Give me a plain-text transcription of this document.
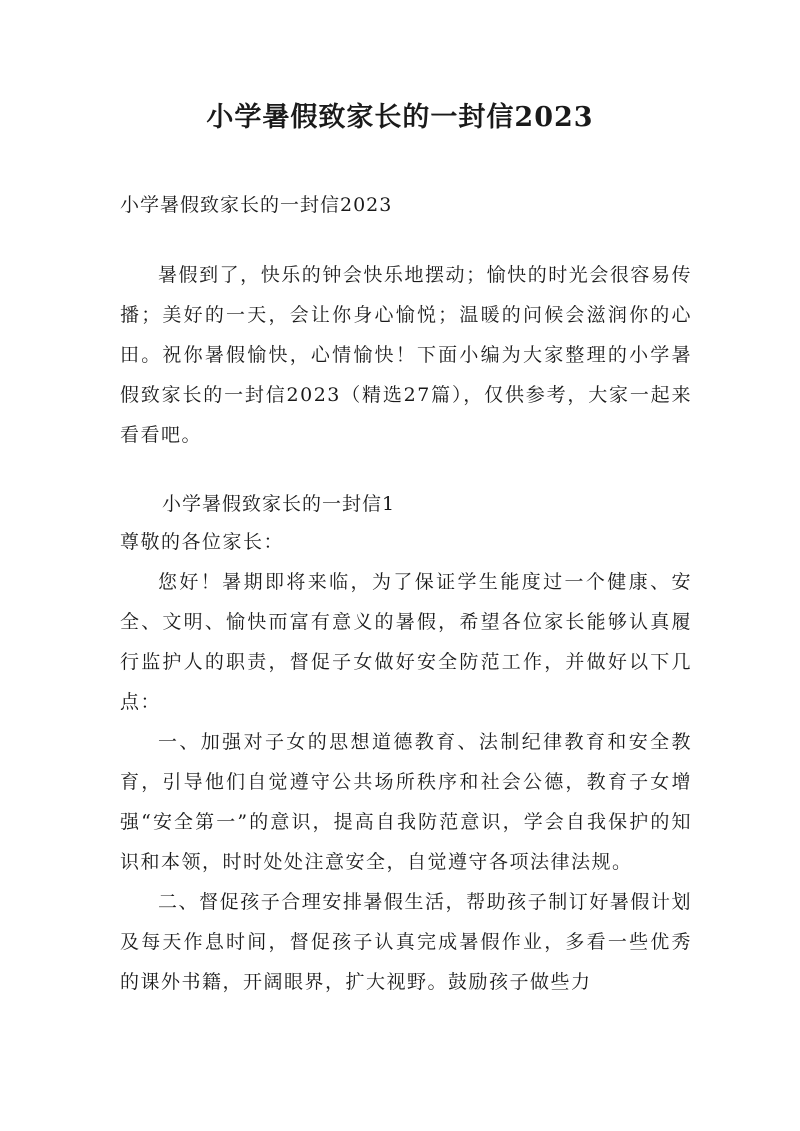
小学暑假致家长的一封信2023
小学暑假致家长的一封信2023

暑假到了，快乐的钟会快乐地摆动；愉快的时光会很容易传播；美好的一天，会让你身心愉悦；温暖的问候会滋润你的心田。祝你暑假愉快，心情愉快！下面小编为大家整理的小学暑假致家长的一封信2023（精选27篇），仅供参考，大家一起来看看吧。

小学暑假致家长的一封信1
尊敬的各位家长：

您好！暑期即将来临，为了保证学生能度过一个健康、安全、文明、愉快而富有意义的暑假，希望各位家长能够认真履行监护人的职责，督促子女做好安全防范工作，并做好以下几点：

一、加强对子女的思想道德教育、法制纪律教育和安全教育，引导他们自觉遵守公共场所秩序和社会公德，教育子女增强“安全第一”的意识，提高自我防范意识，学会自我保护的知识和本领，时时处处注意安全，自觉遵守各项法律法规。

二、督促孩子合理安排暑假生活，帮助孩子制订好暑假计划及每天作息时间，督促孩子认真完成暑假作业，多看一些优秀的课外书籍，开阔眼界，扩大视野。鼓励孩子做些力
